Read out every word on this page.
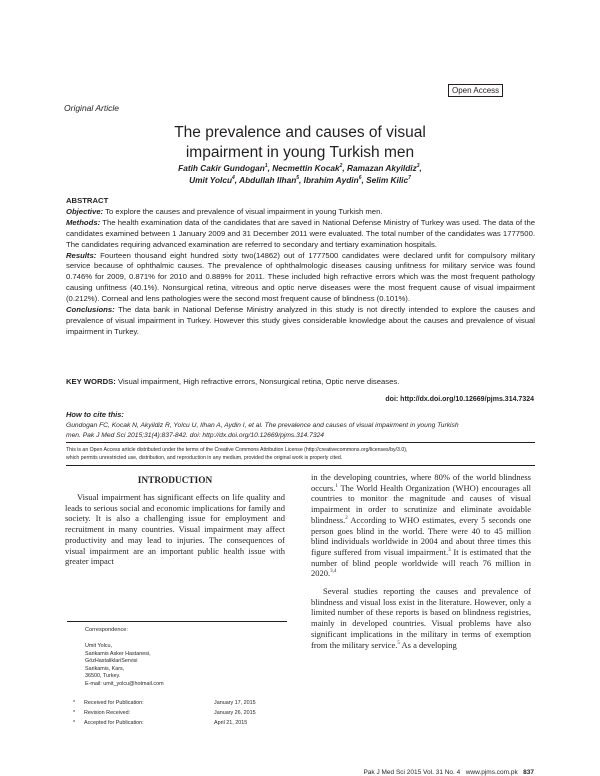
Open Access
Original Article
The prevalence and causes of visual
impairment in young Turkish men
Fatih Cakir Gundogan$^1$, Necmettin Kocak$^2$, Ramazan Akyildiz$^3$,
Umit Yolcu$^4$, Abdullah Ilhan$^5$, Ibrahim Aydin$^6$, Selim Kilic$^7$

ABSTRACT

Objective: To explore the causes and prevalence of visual impairment in young Turkish men.

Methods: The health examination data of the candidates that are saved in National Defense Ministry of Turkey was used. The data of the candidates examined between 1 January 2009 and 31 December 2011 were evaluated. The total number of the candidates was 1777500. The candidates requiring advanced examination are referred to secondary and tertiary examination hospitals.

Results: Fourteen thousand eight hundred sixty two(14862) out of 1777500 candidates were declared unfit for compulsory military service because of ophthalmic causes. The prevalence of ophthalmologic diseases causing unfitness for military service was found 0.746% for 2009, 0.871% for 2010 and 0.889% for 2011. These included high refractive errors which was the most frequent pathology causing unfitness (40.1%). Nonsurgical retina, vitreous and optic nerve diseases were the most frequent cause of visual impairment (0.212%). Corneal and lens pathologies were the second most frequent cause of blindness (0.101%).

Conclusions: The data bank in National Defense Ministry analyzed in this study is not directly intended to explore the causes and prevalence of visual impairment in Turkey. However this study gives considerable knowledge about the causes and prevalence of visual impairment in Turkey.

KEY WORDS: Visual impairment, High refractive errors, Nonsurgical retina, Optic nerve diseases.
doi: http://dx.doi.org/10.12669/pjms.314.7324
How to cite this:
Gundogan FC, Kocak N, Akyildiz R, Yolcu U, Ilhan A, Aydin I, et al. The prevalence and causes of visual impairment in young Turkish
men. Pak J Med Sci 2015;31(4):837-842. doi: http://dx.doi.org/10.12669/pjms.314.7324
This is an Open Access article distributed under the terms of the Creative Commons Attribution License (http://creativecommons.org/licenses/by/3.0),
which permits unrestricted use, distribution, and reproduction in any medium, provided the original work is properly cited.
INTRODUCTION
Visual impairment has significant effects on life quality and leads to serious social and economic implications for family and society. It is also a challenging issue for employment and recruitment in many countries. Visual impairment may affect productivity and may lead to injuries. The consequences of visual impairment are an important public health issue with greater impact
Correspondence:
Umit Yolcu,
Sarikamis Asker Hastanesi,
GözHastaliklariServisi
Sarikamis, Kars,
36500, Turkey.
E-mail: umit_yolcu@hotmail.com
* Received for Publication:	January 17, 2015
* Revision Received:	January 26, 2015
* Accepted for Publication:	April 21, 2015

in the developing countries, where 80% of the world blindness occurs.$^1$ The World Health Organization (WHO) encourages all countries to monitor the magnitude and causes of visual impairment in order to scrutinize and eliminate avoidable blindness.$^2$ According to WHO estimates, every 5 seconds one person goes blind in the world. There were 40 to 45 million blind individuals worldwide in 2004 and about three times this figure suffered from visual impairment.$^3$ It is estimated that the number of blind people worldwide will reach 76 million in 2020.$^{3,4}$

Several studies reporting the causes and prevalence of blindness and visual loss exist in the literature. However, only a limited number of these reports is based on blindness registries, mainly in developed countries. Visual problems have also significant implications in the military in terms of exemption from the military service.$^5$ As a developing

Pak J Med Sci 2015 Vol. 31 No. 4 www.pjms.com.pk 837
